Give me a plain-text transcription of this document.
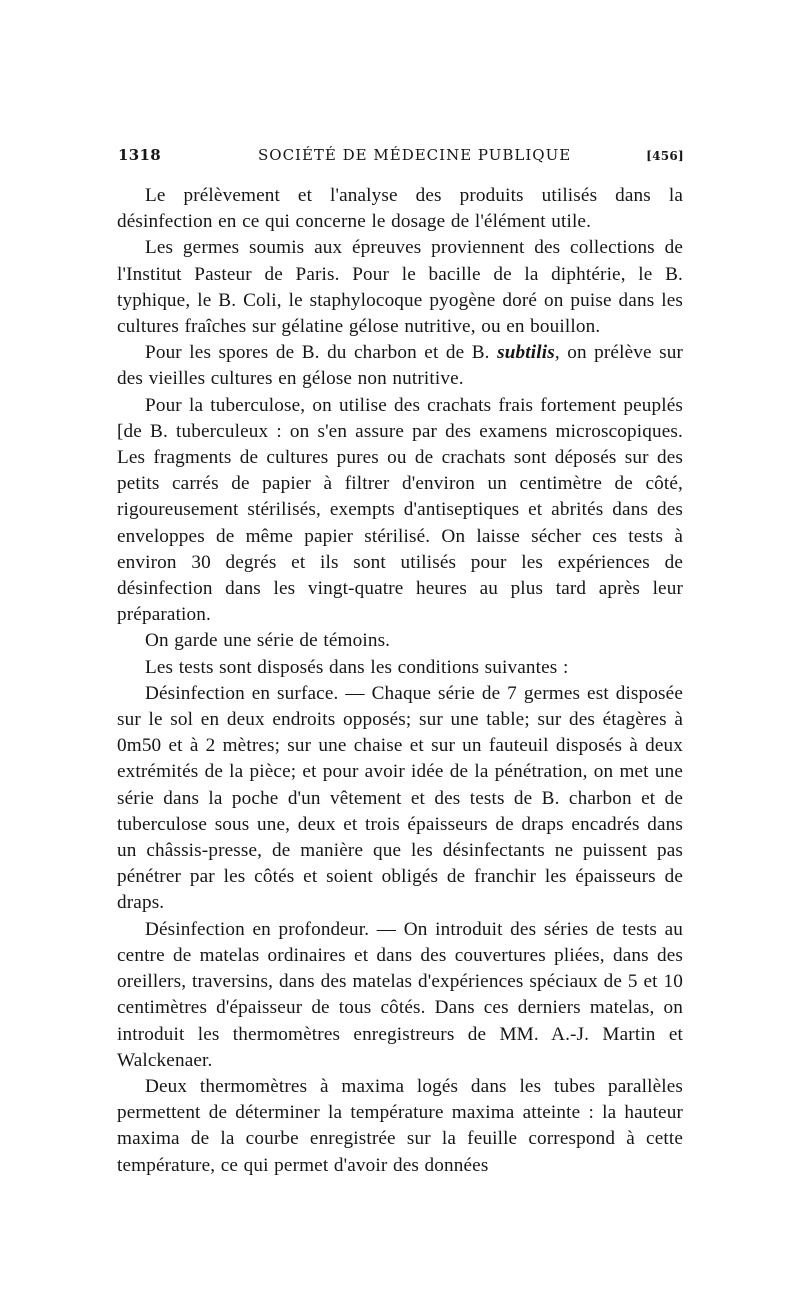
1318	SOCIÉTÉ DE MÉDECINE PUBLIQUE	[456]

Le prélèvement et l'analyse des produits utilisés dans la désinfection en ce qui concerne le dosage de l'élément utile.

Les germes soumis aux épreuves proviennent des collections de l'Institut Pasteur de Paris. Pour le bacille de la diphtérie, le B. typhique, le B. Coli, le staphylocoque pyogène doré on puise dans les cultures fraîches sur gélatine gélose nutritive, ou en bouillon.

Pour les spores de B. du charbon et de B. subtilis, on prélève sur des vieilles cultures en gélose non nutritive.

Pour la tuberculose, on utilise des crachats frais fortement peuplés [de B. tuberculeux : on s'en assure par des examens microscopiques. Les fragments de cultures pures ou de crachats sont déposés sur des petits carrés de papier à filtrer d'environ un centimètre de côté, rigoureusement stérilisés, exempts d'antiseptiques et abrités dans des enveloppes de même papier stérilisé. On laisse sécher ces tests à environ 30 degrés et ils sont utilisés pour les expériences de désinfection dans les vingt-quatre heures au plus tard après leur préparation.

On garde une série de témoins.

Les tests sont disposés dans les conditions suivantes :

Désinfection en surface. — Chaque série de 7 germes est disposée sur le sol en deux endroits opposés; sur une table; sur des étagères à 0m50 et à 2 mètres; sur une chaise et sur un fauteuil disposés à deux extrémités de la pièce; et pour avoir idée de la pénétration, on met une série dans la poche d'un vêtement et des tests de B. charbon et de tuberculose sous une, deux et trois épaisseurs de draps encadrés dans un châssis-presse, de manière que les désinfectants ne puissent pas pénétrer par les côtés et soient obligés de franchir les épaisseurs de draps.

Désinfection en profondeur. — On introduit des séries de tests au centre de matelas ordinaires et dans des couvertures pliées, dans des oreillers, traversins, dans des matelas d'expériences spéciaux de 5 et 10 centimètres d'épaisseur de tous côtés. Dans ces derniers matelas, on introduit les thermomètres enregistreurs de MM. A.-J. Martin et Walckenaer.

Deux thermomètres à maxima logés dans les tubes parallèles permettent de déterminer la température maxima atteinte : la hauteur maxima de la courbe enregistrée sur la feuille correspond à cette température, ce qui permet d'avoir des données
